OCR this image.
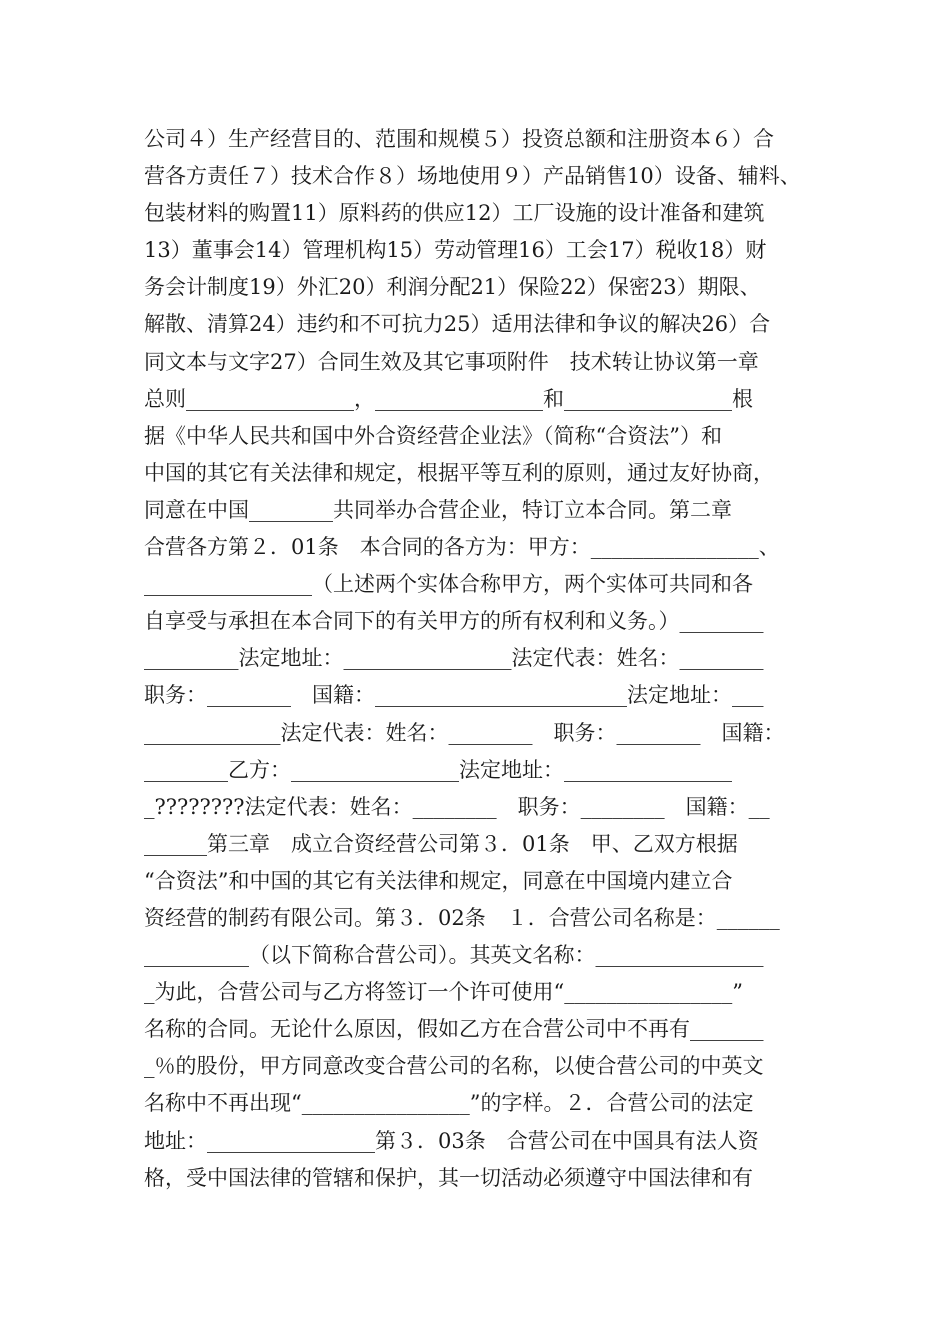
公司４）生产经营目的、范围和规模５）投资总额和注册资本６）合
营各方责任７）技术合作８）场地使用９）产品销售10）设备、辅料、
包装材料的购置11）原料药的供应12）工厂设施的设计准备和建筑
13）董事会14）管理机构15）劳动管理16）工会17）税收18）财
务会计制度19）外汇20）利润分配21）保险22）保密23）期限、
解散、清算24）违约和不可抗力25）适用法律和争议的解决26）合
同文本与文字27）合同生效及其它事项附件　技术转让协议第一章　
总则________________，________________和________________根
据《中华人民共和国中外合资经营企业法》（简称“合资法”）和
中国的其它有关法律和规定，根据平等互利的原则，通过友好协商，
同意在中国________共同举办合营企业，特订立本合同。第二章　
合营各方第２．01条　本合同的各方为：甲方：________________、
________________（上述两个实体合称甲方，两个实体可共同和各
自享受与承担在本合同下的有关甲方的所有权利和义务。）________
_________法定地址：________________法定代表：姓名：________
职务：________　国籍：________________________法定地址：___
_____________法定代表：姓名：________　职务：________　国籍：
________乙方：________________法定地址：________________
_????????法定代表：姓名：________　职务：________　国籍：__
______第三章　成立合资经营公司第３．01条　甲、乙双方根据
“合资法”和中国的其它有关法律和规定，同意在中国境内建立合
资经营的制药有限公司。第３．02条　１．合营公司名称是：______
__________（以下简称合营公司）。其英文名称：________________
_为此，合营公司与乙方将签订一个许可使用“________________”
名称的合同。无论什么原因，假如乙方在合营公司中不再有_______
_％的股份，甲方同意改变合营公司的名称，以使合营公司的中英文
名称中不再出现“________________”的字样。２．合营公司的法定
地址：________________第３．03条　合营公司在中国具有法人资
格，受中国法律的管辖和保护，其一切活动必须遵守中国法律和有
